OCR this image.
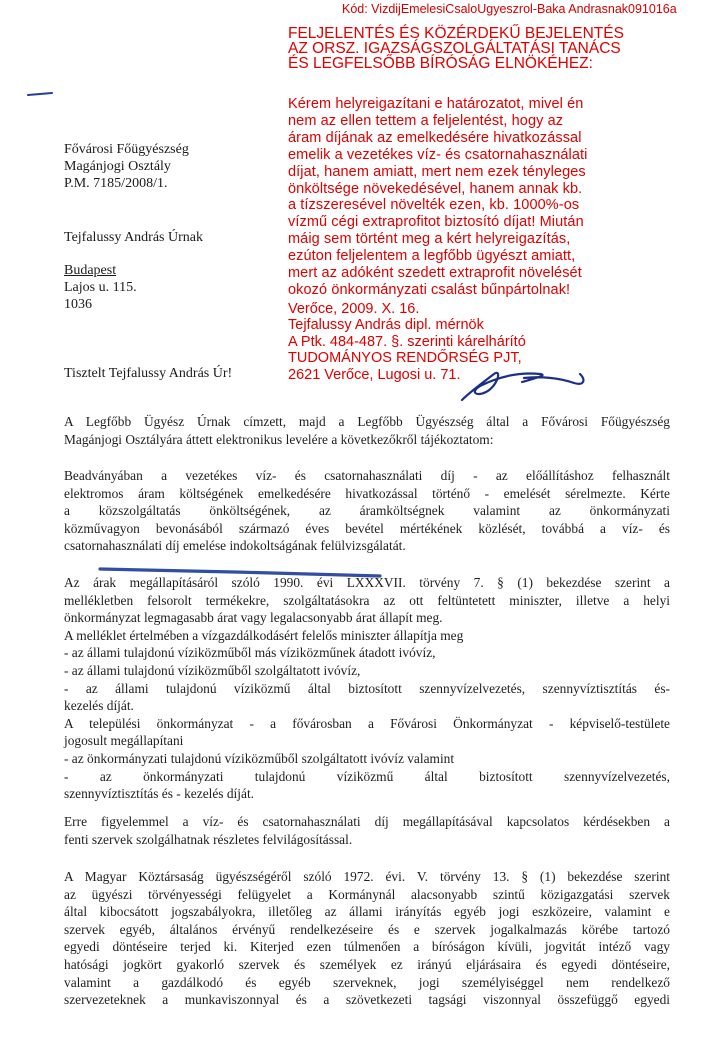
Kód: VizdijEmelesiCsaloUgyeszrol-Baka Andrasnak091016a
FELJELENTÉS ÉS KÖZÉRDEKŰ BEJELENTÉS
AZ ORSZ. IGAZSÁGSZOLGÁLTATÁSI TANÁCS
ÉS LEGFELSŐBB BÍRÓSÁG ELNÖKÉHEZ:
Kérem helyreigazítani e határozatot, mivel én
nem az ellen tettem a feljelentést, hogy az
áram díjának az emelkedésére hivatkozással
emelik a vezetékes víz- és csatornahasználati
díjat, hanem amiatt, mert nem ezek tényleges
önköltsége növekedésével, hanem annak kb.
a tízszeresével növelték ezen, kb. 1000%-os
vízmű cégi extraprofitot biztosító díjat! Miután
máig sem történt meg a kért helyreigazítás,
ezúton feljelentem a legfőbb ügyészt amiatt,
mert az adóként szedett extraprofit növelését
okozó önkormányzati csalást bűnpártolnak!
Verőce, 2009. X. 16.
Tejfalussy András dipl. mérnök
A Ptk. 484-487. §. szerinti kárelhárító
TUDOMÁNYOS RENDŐRSÉG PJT,
2621 Verőce, Lugosi u. 71.
Fővárosi Főügyészség
Magánjogi Osztály
P.M. 7185/2008/1.
Tejfalussy András Úrnak
Budapest
Lajos u. 115.
1036
Tisztelt Tejfalussy András Úr!
A Legfőbb Ügyész Úrnak címzett, majd a Legfőbb Ügyészség által a Fővárosi Főügyészség
Magánjogi Osztályára áttett elektronikus levelére a következőkről tájékoztatom:
Beadványában a vezetékes víz- és csatornahasználati díj - az előállításhoz felhasznált
elektromos áram költségének emelkedésére hivatkozással történő - emelését sérelmezte. Kérte
a közszolgáltatás önköltségének, az áramköltségnek valamint az önkormányzati
közművagyon bevonásából származó éves bevétel mértékének közlését, továbbá a víz- és
csatornahasználati díj emelése indokoltságának felülvizsgálatát.
Az árak megállapításáról szóló 1990. évi LXXXVII. törvény 7. § (1) bekezdése szerint a
mellékletben felsorolt termékekre, szolgáltatásokra az ott feltüntetett miniszter, illetve a helyi
önkormányzat legmagasabb árat vagy legalacsonyabb árat állapít meg.
A melléklet értelmében a vízgazdálkodásért felelős miniszter állapítja meg
- az állami tulajdonú víziközműből más víziközműnek átadott ivóvíz,
- az állami tulajdonú víziközműből szolgáltatott ivóvíz,
- az állami tulajdonú víziközmű által biztosított szennyvízelvezetés, szennyvíztisztítás és-
kezelés díját.
A települési önkormányzat - a fővárosban a Fővárosi Önkormányzat - képviselő-testülete
jogosult megállapítani
- az önkormányzati tulajdonú víziközműből szolgáltatott ivóvíz valamint
- az önkormányzati tulajdonú víziközmű által biztosított szennyvízelvezetés,
szennyvíztisztítás és - kezelés díját.
Erre figyelemmel a víz- és csatornahasználati díj megállapításával kapcsolatos kérdésekben a
fenti szervek szolgálhatnak részletes felvilágosítással.
A Magyar Köztársaság ügyészségéről szóló 1972. évi. V. törvény 13. § (1) bekezdése szerint
az ügyészi törvényességi felügyelet a Kormánynál alacsonyabb szintű közigazgatási szervek
által kibocsátott jogszabályokra, illetőleg az állami irányítás egyéb jogi eszközeire, valamint e
szervek egyéb, általános érvényű rendelkezéseire és e szervek jogalkalmazás körébe tartozó
egyedi döntéseire terjed ki. Kiterjed ezen túlmenően a bíróságon kívüli, jogvitát intéző vagy
hatósági jogkört gyakorló szervek és személyek ez irányú eljárásaira és egyedi döntéseire,
valamint a gazdálkodó és egyéb szerveknek, jogi személyiséggel nem rendelkező
szervezeteknek a munkaviszonnyal és a szövetkezeti tagsági viszonnyal összefüggő egyedi
